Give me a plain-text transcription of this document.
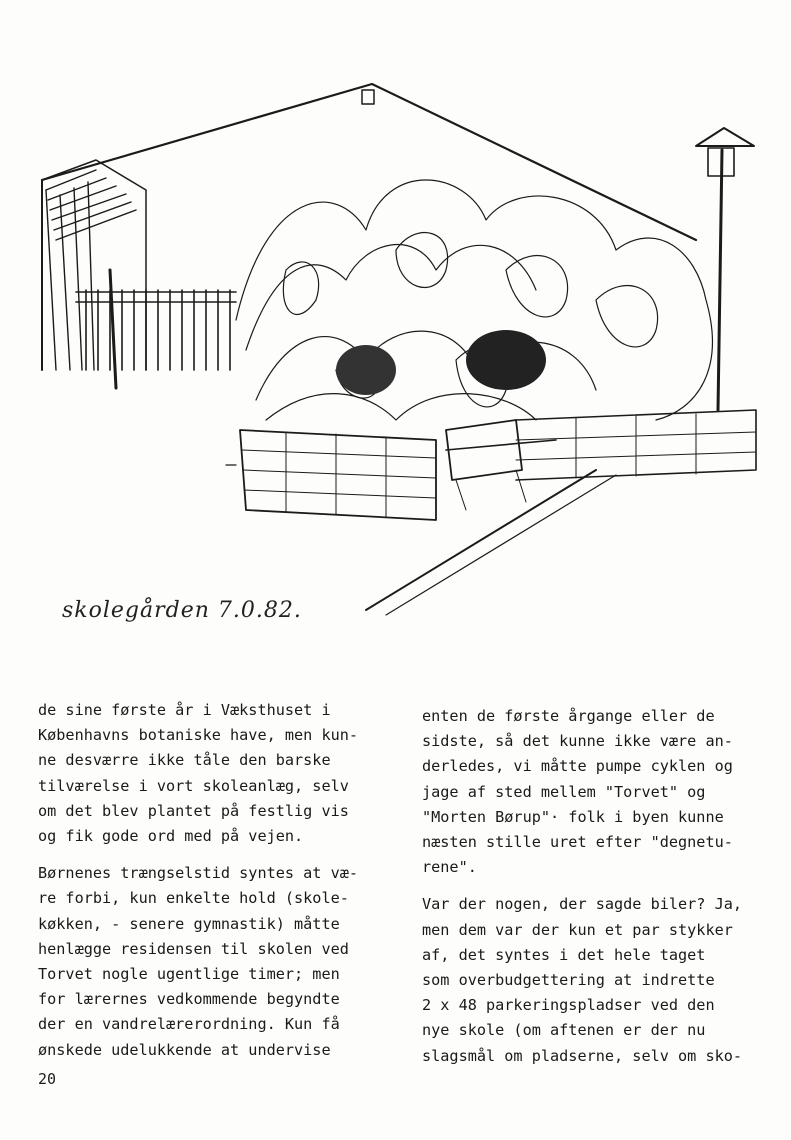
skolegården 7.0.82.

de sine første år i Væksthuset i
Københavns botaniske have, men kun-
ne desværre ikke tåle den barske
tilværelse i vort skoleanlæg, selv
om det blev plantet på festlig vis
og fik gode ord med på vejen.

Børnenes trængselstid syntes at væ-
re forbi, kun enkelte hold (skole-
køkken, - senere gymnastik) måtte
henlægge residensen til skolen ved
Torvet nogle ugentlige timer; men
for lærernes vedkommende begyndte
der en vandrelærerordning. Kun få
ønskede udelukkende at undervise

enten de første årgange eller de
sidste, så det kunne ikke være an-
derledes, vi måtte pumpe cyklen og
jage af sted mellem "Torvet" og
"Morten Børup"· folk i byen kunne
næsten stille uret efter "degnetu-
rene".

Var der nogen, der sagde biler? Ja,
men dem var der kun et par stykker
af, det syntes i det hele taget
som overbudgettering at indrette
2 x 48 parkeringspladser ved den
nye skole (om aftenen er der nu
slagsmål om pladserne, selv om sko-

20
